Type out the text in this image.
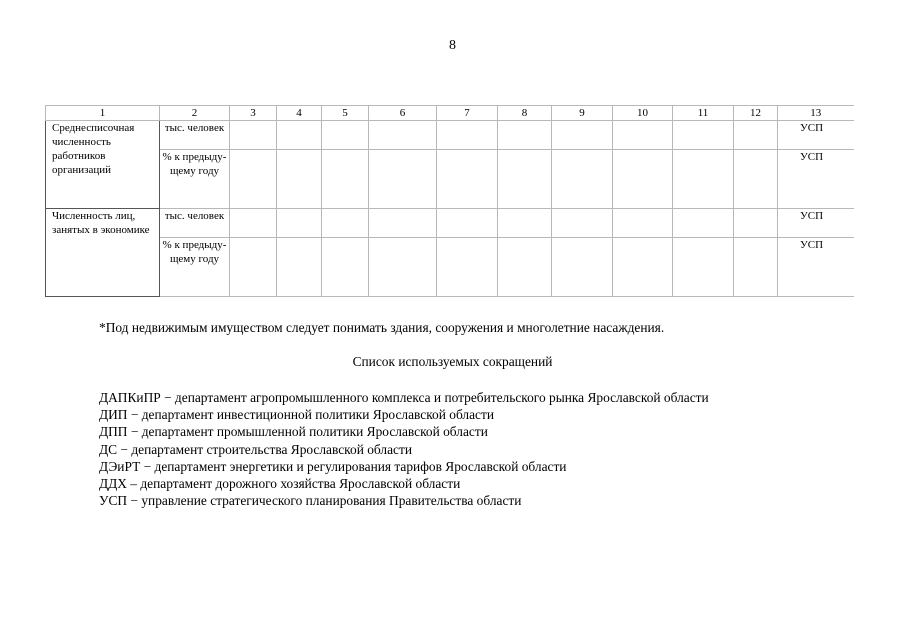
8
1	2	3	4	5	6	7	8	9	10	11	12	13
Среднесписочная численность работников организаций	тыс. человек											УСП
	% к предыду-щему году											УСП
Численность лиц, занятых в экономике	тыс. человек											УСП
	% к предыду-щему году											УСП
*Под недвижимым имуществом следует понимать здания, сооружения и многолетние насаждения.
Список используемых сокращений
ДАПКиПР − департамент агропромышленного комплекса и потребительского рынка Ярославской области
ДИП − департамент инвестиционной политики Ярославской области
ДПП − департамент промышленной политики Ярославской области
ДС − департамент строительства Ярославской области
ДЭиРТ − департамент энергетики и регулирования тарифов Ярославской области
ДДХ – департамент дорожного хозяйства Ярославской области
УСП − управление стратегического планирования Правительства области
